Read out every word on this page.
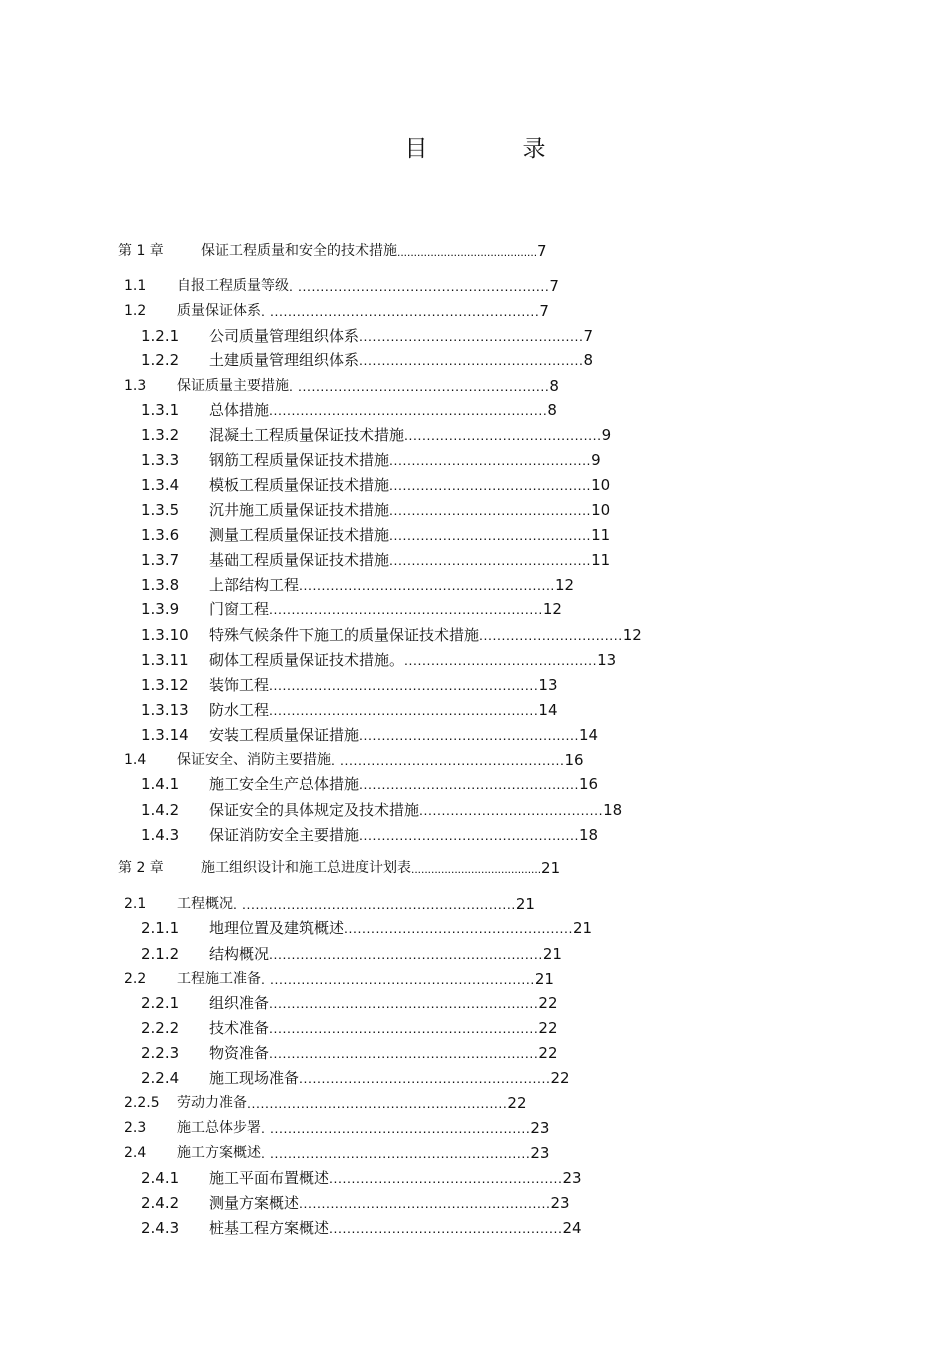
目　录
第 1 章	保证工程质量和安全的技术措施 ..........................................7
1.1 自报工程质量等级 . ........................................................7
1.2 质量保证体系 . ............................................................7
1.2.1 公司质量管理组织体系 ..................................................7
1.2.2 土建质量管理组织体系 ..................................................8
1.3 保证质量主要措施 . ........................................................8
1.3.1 总体措施 ..............................................................8
1.3.2 混凝土工程质量保证技术措施 ............................................9
1.3.3 钢筋工程质量保证技术措施 .............................................9
1.3.4 模板工程质量保证技术措施 .............................................10
1.3.5 沉井施工质量保证技术措施 .............................................10
1.3.6 测量工程质量保证技术措施 .............................................11
1.3.7 基础工程质量保证技术措施 .............................................11
1.3.8 上部结构工程 .........................................................12
1.3.9 门窗工程 .............................................................12
1.3.10 特殊气候条件下施工的质量保证技术措施 ................................12
1.3.11 砌体工程质量保证技术措施。 ...........................................13
1.3.12 装饰工程 ............................................................13
1.3.13 防水工程 ............................................................14
1.3.14 安装工程质量保证措施 .................................................14
1.4 保证安全、消防主要措施 . ..................................................16
1.4.1 施工安全生产总体措施 .................................................16
1.4.2 保证安全的具体规定及技术措施 .........................................18
1.4.3 保证消防安全主要措施 .................................................18
第 2 章	施工组织设计和施工总进度计划表 .......................................21
2.1 工程概况 . .............................................................21
2.1.1 地理位置及建筑概述 ...................................................21
2.1.2 结构概况 .............................................................21
2.2 工程施工准备 . ...........................................................21
2.2.1 组织准备 ............................................................22
2.2.2 技术准备 ............................................................22
2.2.3 物资准备 ............................................................22
2.2.4 施工现场准备 ........................................................22
2.2.5 劳动力准备 ..........................................................22
2.3 施工总体步署 . ..........................................................23
2.4 施工方案概述 . ..........................................................23
2.4.1 施工平面布置概述 ....................................................23
2.4.2 测量方案概述 ........................................................23
2.4.3 桩基工程方案概述 ....................................................24
